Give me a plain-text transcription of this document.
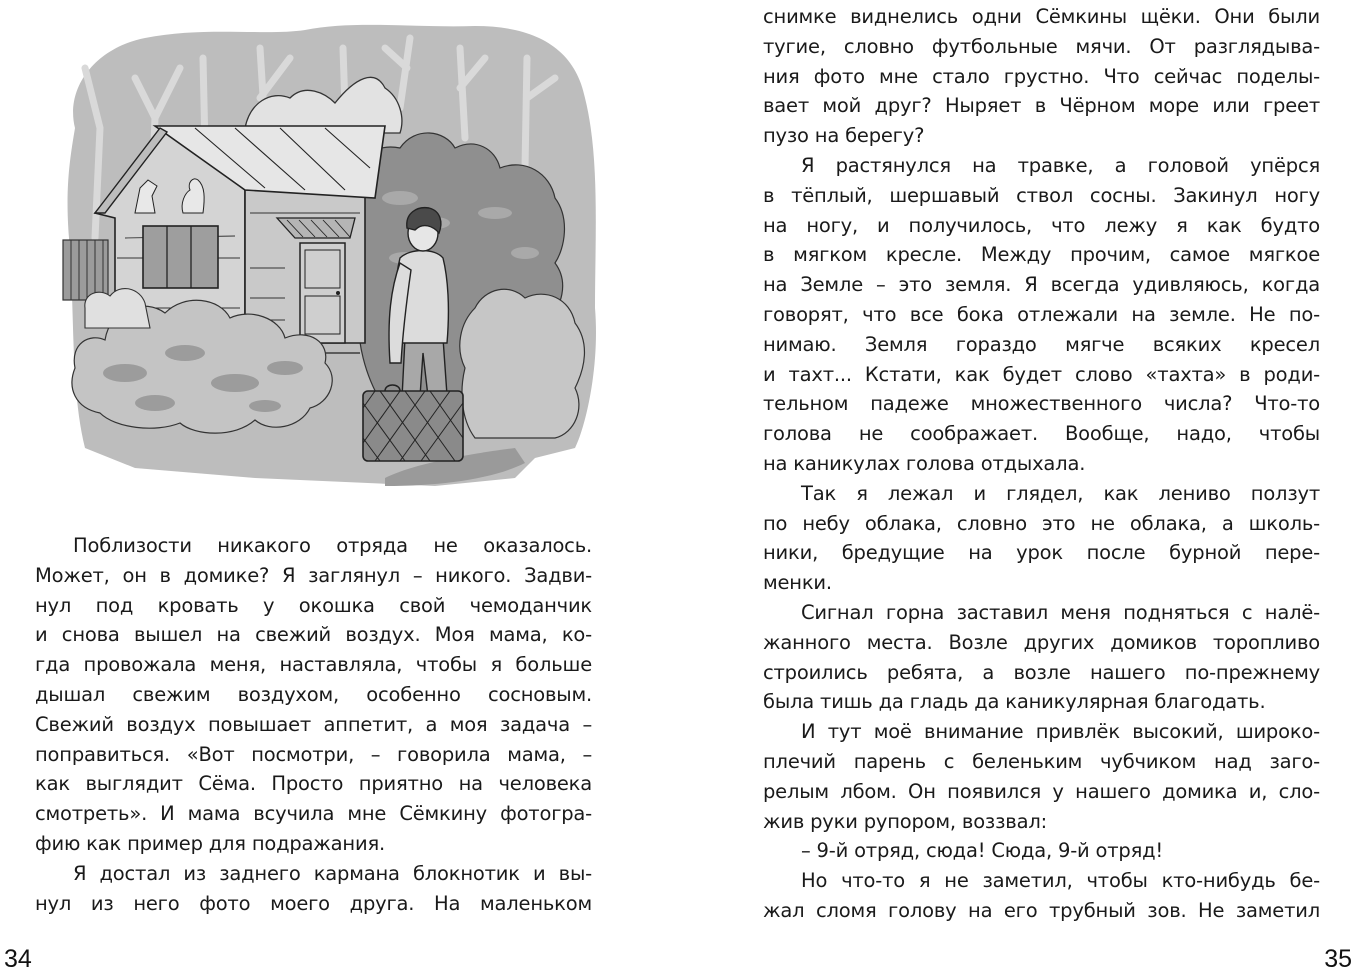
Поблизости никакого отряда не оказалось.
Может, он в домике? Я заглянул – никого. Задви-
нул под кровать у окошка свой чемоданчик
и снова вышел на свежий воздух. Моя мама, ко-
гда провожала меня, наставляла, чтобы я больше
дышал свежим воздухом, особенно сосновым.
Свежий воздух повышает аппетит, а моя задача –
поправиться. «Вот посмотри, – говорила мама, –
как выглядит Сёма. Просто приятно на человека
смотреть». И мама всучила мне Сёмкину фотогра-
фию как пример для подражания.
Я достал из заднего кармана блокнотик и вы-
нул из него фото моего друга. На маленьком
34
снимке виднелись одни Сёмкины щёки. Они были
тугие, словно футбольные мячи. От разглядыва-
ния фото мне стало грустно. Что сейчас поделы-
вает мой друг? Ныряет в Чёрном море или греет
пузо на берегу?
Я растянулся на травке, а головой упёрся
в тёплый, шершавый ствол сосны. Закинул ногу
на ногу, и получилось, что лежу я как будто
в мягком кресле. Между прочим, самое мягкое
на Земле – это земля. Я всегда удивляюсь, когда
говорят, что все бока отлежали на земле. Не по-
нимаю. Земля гораздо мягче всяких кресел
и тахт... Кстати, как будет слово «тахта» в роди-
тельном падеже множественного числа? Что-то
голова не соображает. Вообще, надо, чтобы
на каникулах голова отдыхала.
Так я лежал и глядел, как лениво ползут
по небу облака, словно это не облака, а школь-
ники, бредущие на урок после бурной пере-
менки.
Сигнал горна заставил меня подняться с налё-
жанного места. Возле других домиков торопливо
строились ребята, а возле нашего по-прежнему
была тишь да гладь да каникулярная благодать.
И тут моё внимание привлёк высокий, широко-
плечий парень с беленьким чубчиком над заго-
релым лбом. Он появился у нашего домика и, сло-
жив руки рупором, воззвал:
– 9-й отряд, сюда! Сюда, 9-й отряд!
Но что-то я не заметил, чтобы кто-нибудь бе-
жал сломя голову на его трубный зов. Не заметил
35
